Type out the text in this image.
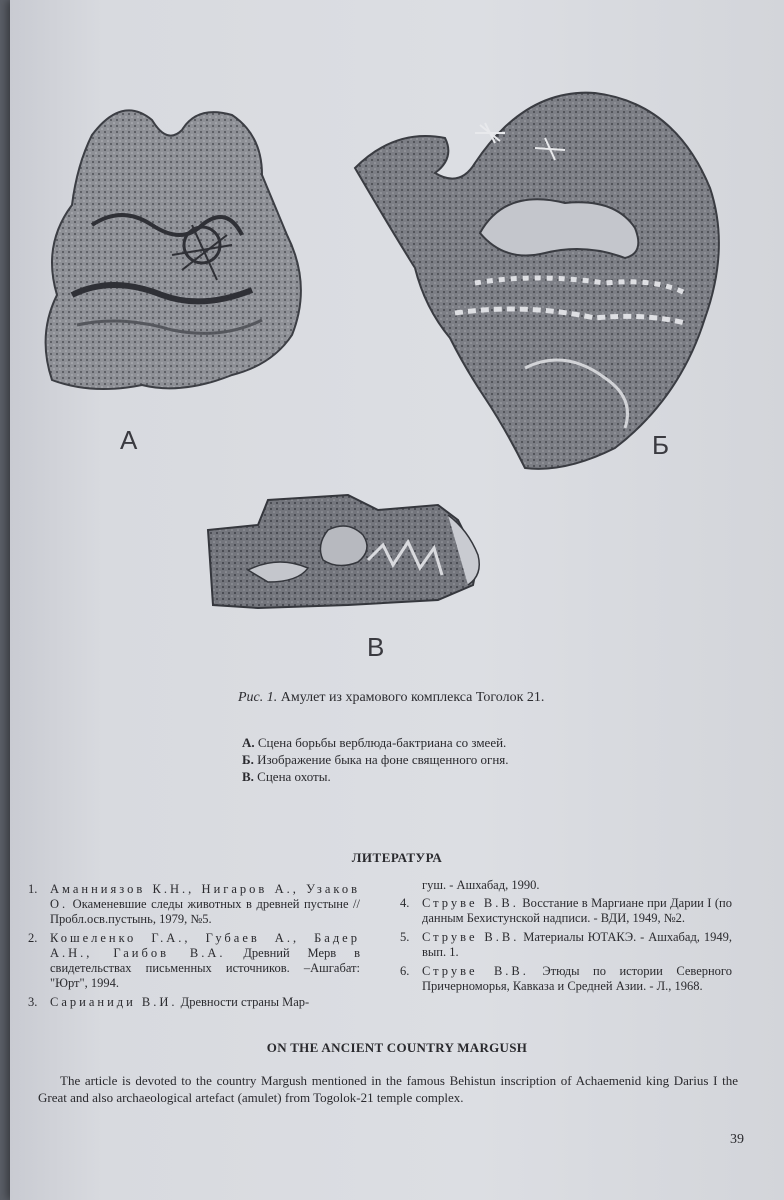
А	Б
В
Рис. 1. Амулет из храмового комплекса Тоголок 21.
А. Сцена борьбы верблюда-бактриана со змеей.
Б. Изображение быка на фоне священного огня.
В. Сцена охоты.
ЛИТЕРАТУРА
1. Аманниязов К.Н., Нигаров А., Узаков О. Окаменевшие следы животных в древней пустыне // Пробл.осв.пустынь, 1979, №5.
2. Кошеленко Г.А., Губаев А., Бадер А.Н., Гаибов В.А. Древний Мерв в свидетельствах письменных источников. –Ашгабат: "Юрт", 1994.
3. Сарианиди В.И. Древности страны Мар-
гуш. - Ашхабад, 1990.
4. Струве В.В. Восстание в Маргиане при Дарии I (по данным Бехистунской надписи. - ВДИ, 1949, №2.
5. Струве В.В. Материалы ЮТАКЭ. - Ашхабад, 1949, вып. 1.
6. Струве В.В. Этюды по истории Северного Причерноморья, Кавказа и Средней Азии. - Л., 1968.
ON THE ANCIENT COUNTRY MARGUSH
The article is devoted to the country Margush mentioned in the famous Behistun inscription of Achaemenid king Darius I the Great and also archaeological artefact (amulet) from Togolok-21 temple complex.
39
